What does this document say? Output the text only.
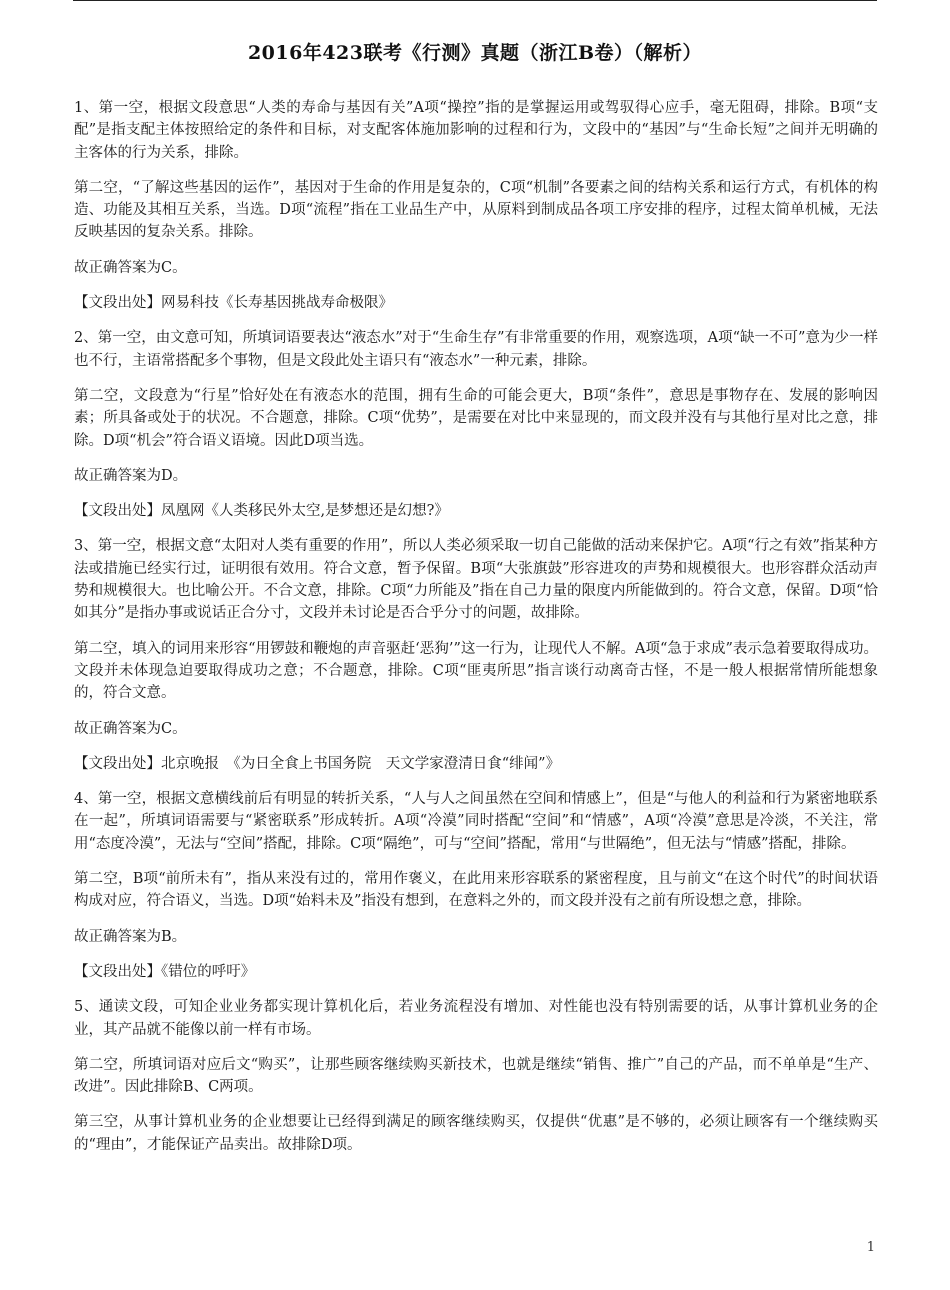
2016年423联考《行测》真题（浙江B卷）（解析）

1、第一空，根据文段意思“人类的寿命与基因有关”A项“操控”指的是掌握运用或驾驭得心应手，毫无阻碍，排除。B项“支配”是指支配主体按照给定的条件和目标，对支配客体施加影响的过程和行为，文段中的“基因”与“生命长短”之间并无明确的主客体的行为关系，排除。

第二空，“了解这些基因的运作”，基因对于生命的作用是复杂的，C项“机制”各要素之间的结构关系和运行方式，有机体的构造、功能及其相互关系，当选。D项“流程”指在工业品生产中，从原料到制成品各项工序安排的程序，过程太简单机械，无法反映基因的复杂关系。排除。

故正确答案为C。

【文段出处】网易科技《长寿基因挑战寿命极限》

2、第一空，由文意可知，所填词语要表达“液态水”对于“生命生存”有非常重要的作用，观察选项，A项“缺一不可”意为少一样也不行，主语常搭配多个事物，但是文段此处主语只有“液态水”一种元素，排除。

第二空，文段意为“行星”恰好处在有液态水的范围，拥有生命的可能会更大，B项“条件”，意思是事物存在、发展的影响因素；所具备或处于的状况。不合题意，排除。C项“优势”，是需要在对比中来显现的，而文段并没有与其他行星对比之意，排除。D项“机会”符合语义语境。因此D项当选。

故正确答案为D。

【文段出处】凤凰网《人类移民外太空,是梦想还是幻想?》

3、第一空，根据文意“太阳对人类有重要的作用”，所以人类必须采取一切自己能做的活动来保护它。A项“行之有效”指某种方法或措施已经实行过，证明很有效用。符合文意，暂予保留。B项“大张旗鼓”形容进攻的声势和规模很大。也形容群众活动声势和规模很大。也比喻公开。不合文意，排除。C项“力所能及”指在自己力量的限度内所能做到的。符合文意，保留。D项“恰如其分”是指办事或说话正合分寸，文段并未讨论是否合乎分寸的问题，故排除。

第二空，填入的词用来形容“用锣鼓和鞭炮的声音驱赶‘恶狗’”这一行为，让现代人不解。A项“急于求成”表示急着要取得成功。文段并未体现急迫要取得成功之意；不合题意，排除。C项“匪夷所思”指言谈行动离奇古怪，不是一般人根据常情所能想象的，符合文意。

故正确答案为C。

【文段出处】北京晚报　《为日全食上书国务院　天文学家澄清日食“绯闻”》

4、第一空，根据文意横线前后有明显的转折关系，“人与人之间虽然在空间和情感上”，但是“与他人的利益和行为紧密地联系在一起”，所填词语需要与“紧密联系”形成转折。A项“冷漠”同时搭配“空间”和“情感”，A项“冷漠”意思是冷淡，不关注，常用“态度冷漠”，无法与“空间”搭配，排除。C项“隔绝”，可与“空间”搭配，常用“与世隔绝”，但无法与“情感”搭配，排除。

第二空，B项“前所未有”，指从来没有过的，常用作褒义，在此用来形容联系的紧密程度，且与前文“在这个时代”的时间状语构成对应，符合语义，当选。D项“始料未及”指没有想到，在意料之外的，而文段并没有之前有所设想之意，排除。

故正确答案为B。

【文段出处】《错位的呼吁》

5、通读文段，可知企业业务都实现计算机化后，若业务流程没有增加、对性能也没有特别需要的话，从事计算机业务的企业，其产品就不能像以前一样有市场。

第二空，所填词语对应后文“购买”，让那些顾客继续购买新技术，也就是继续“销售、推广”自己的产品，而不单单是“生产、改进”。因此排除B、C两项。

第三空，从事计算机业务的企业想要让已经得到满足的顾客继续购买，仅提供“优惠”是不够的，必须让顾客有一个继续购买的“理由”，才能保证产品卖出。故排除D项。

1
